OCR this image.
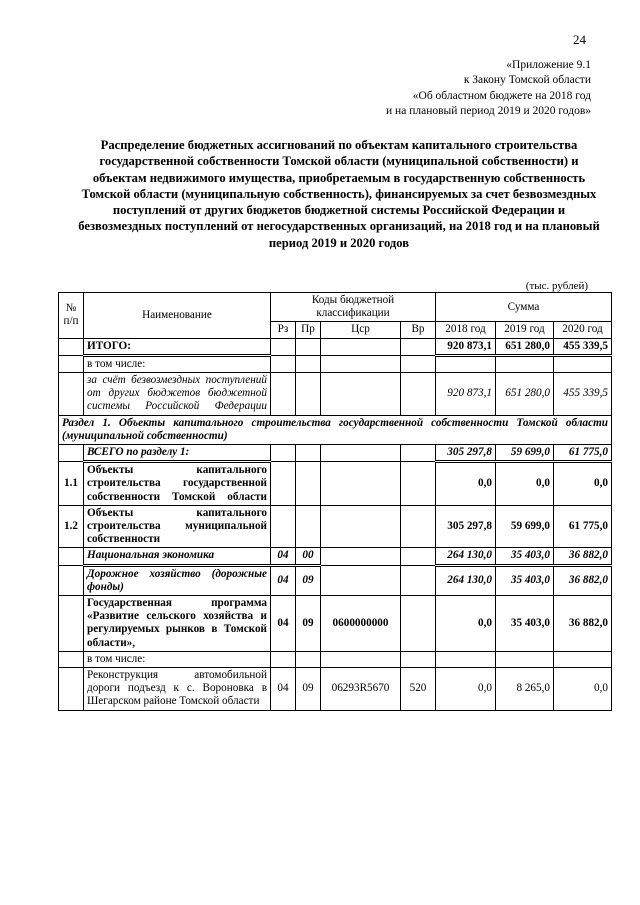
24
«Приложение 9.1
к Закону Томской области
«Об областном бюджете на 2018 год
и на плановый период 2019 и 2020 годов»
Распределение бюджетных ассигнований по объектам капитального строительства государственной собственности Томской области (муниципальной собственности) и объектам недвижимого имущества, приобретаемым в государственную собственность Томской области (муниципальную собственность), финансируемых за счет безвозмездных поступлений от других бюджетов бюджетной системы Российской Федерации и безвозмездных поступлений от негосударственных организаций, на 2018 год и на плановый период 2019 и 2020 годов
(тыс. рублей)
№ п/п	Наименование	Коды бюджетной классификации				Сумма		
		Рз	Пр	Цср	Вр	2018 год	2019 год	2020 год
	ИТОГО:					920 873,1	651 280,0	455 339,5
	в том числе:							
	за счёт безвозмездных поступлений от других бюджетов бюджетной системы Российской Федерации					920 873,1	651 280,0	455 339,5
Раздел 1. Объекты капитального строительства государственной собственности Томской области (муниципальной собственности)								
	ВСЕГО по разделу 1:					305 297,8	59 699,0	61 775,0
1.1	Объекты капитального строительства государственной собственности Томской области					0,0	0,0	0,0
1.2	Объекты капитального строительства муниципальной собственности					305 297,8	59 699,0	61 775,0
	Национальная экономика	04	00			264 130,0	35 403,0	36 882,0
	Дорожное хозяйство (дорожные фонды)	04	09			264 130,0	35 403,0	36 882,0
	Государственная программа «Развитие сельского хозяйства и регулируемых рынков в Томской области»,	04	09	0600000000		0,0	35 403,0	36 882,0
	в том числе:							
	Реконструкция автомобильной дороги подъезд к с. Вороновка в Шегарском районе Томской области	04	09	06293R5670	520	0,0	8 265,0	0,0
